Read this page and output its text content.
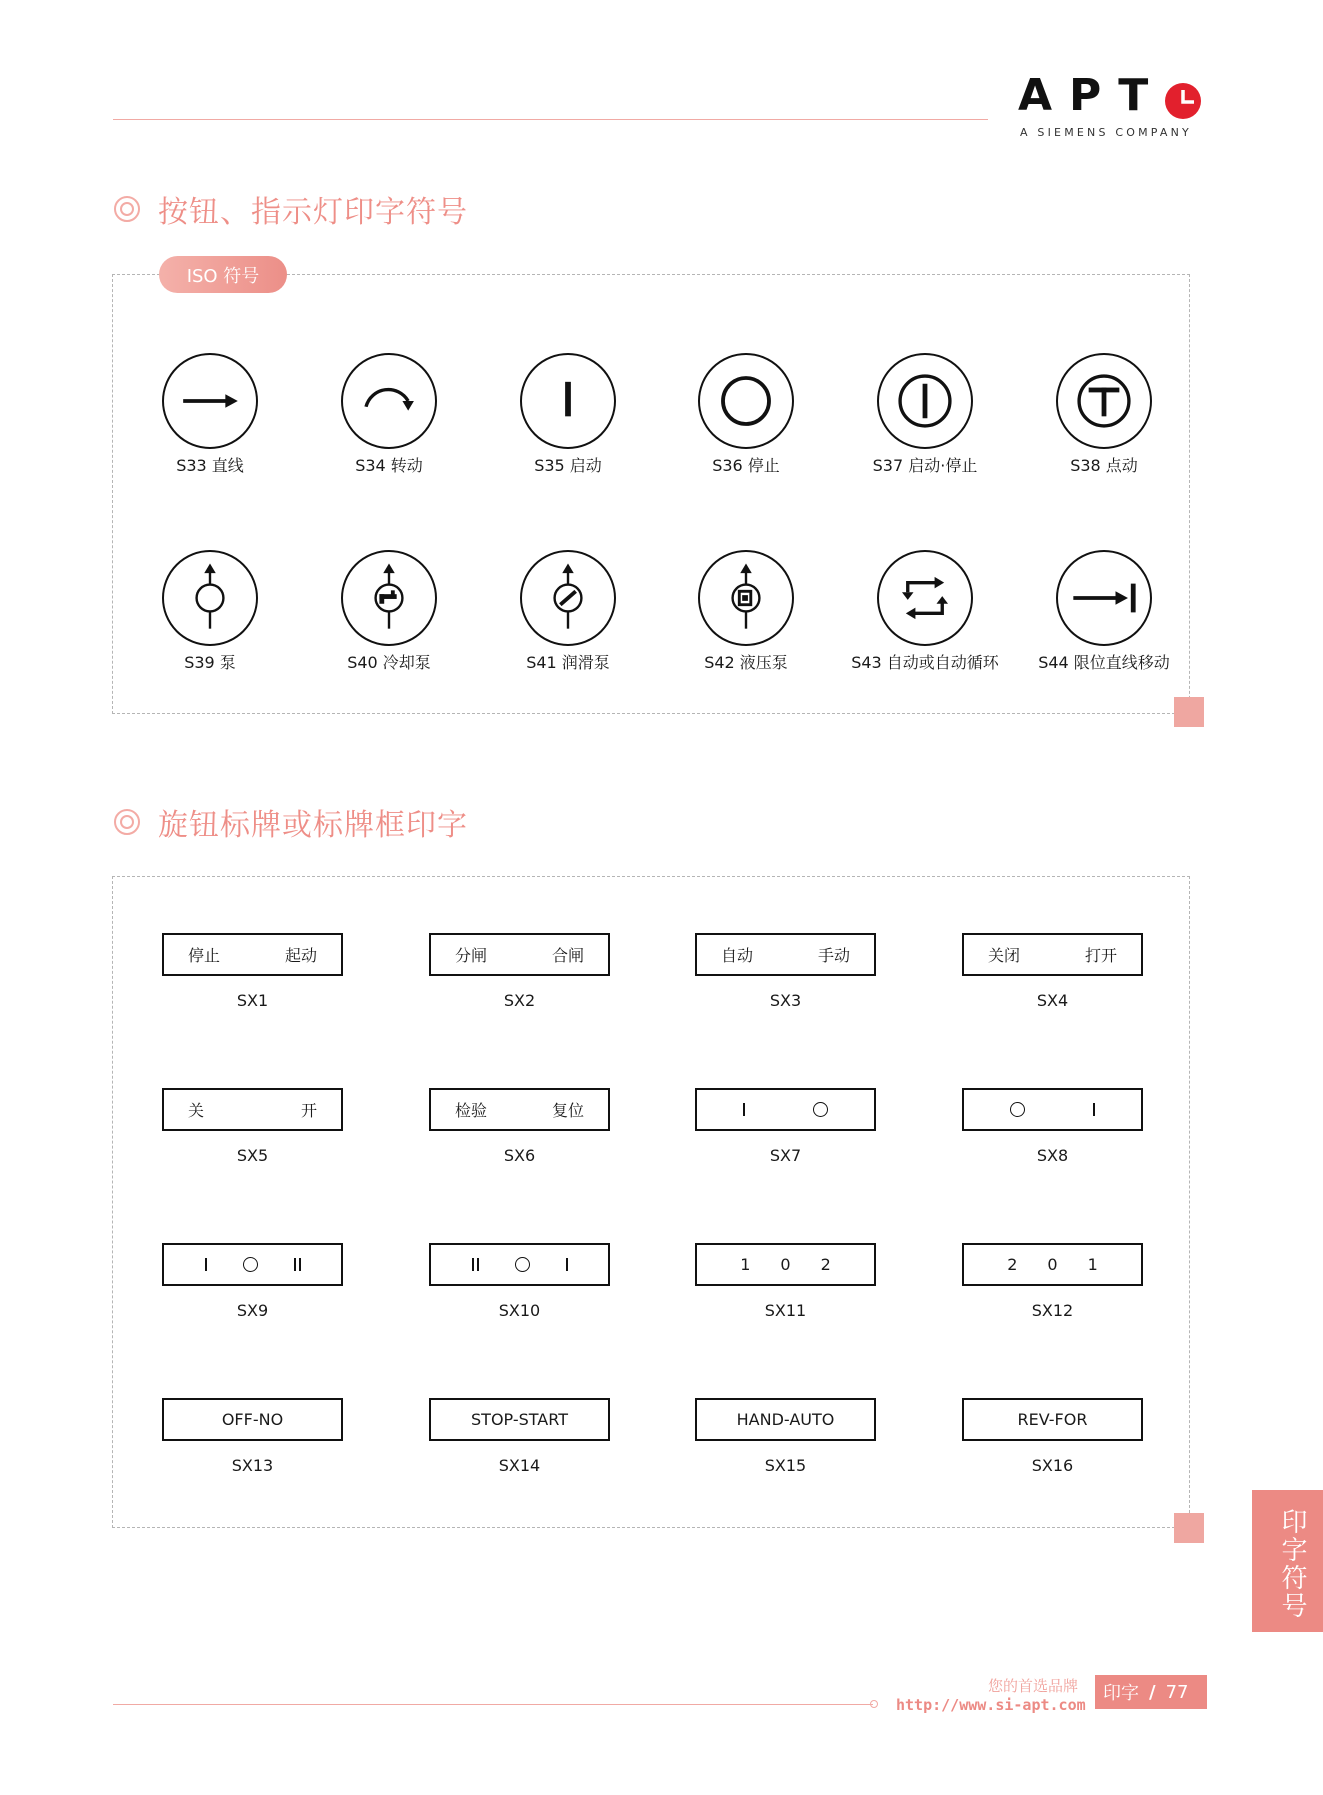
APT
A SIEMENS COMPANY
按钮、指示灯印字符号
ISO 符号
S33 直线	S34 转动	S35 启动	S36 停止	S37 启动·停止	S38 点动
S39 泵	S40 冷却泵	S41 润滑泵	S42 液压泵	S43 自动或自动循环	S44 限位直线移动
旋钮标牌或标牌框印字
停止	起动
SX1
分闸	合闸
SX2
自动	手动
SX3
关闭	打开
SX4
关	开
SX5
检验	复位
SX6	SX7	SX8
SX9	SX10
1 0 2
SX11
2 0 1
SX12
OFF-NO
SX13
STOP-START
SX14
HAND-AUTO
SX15
REV-FOR
SX16
印字符号
您的首选品牌
http://www.si-apt.com
印字 / 77
